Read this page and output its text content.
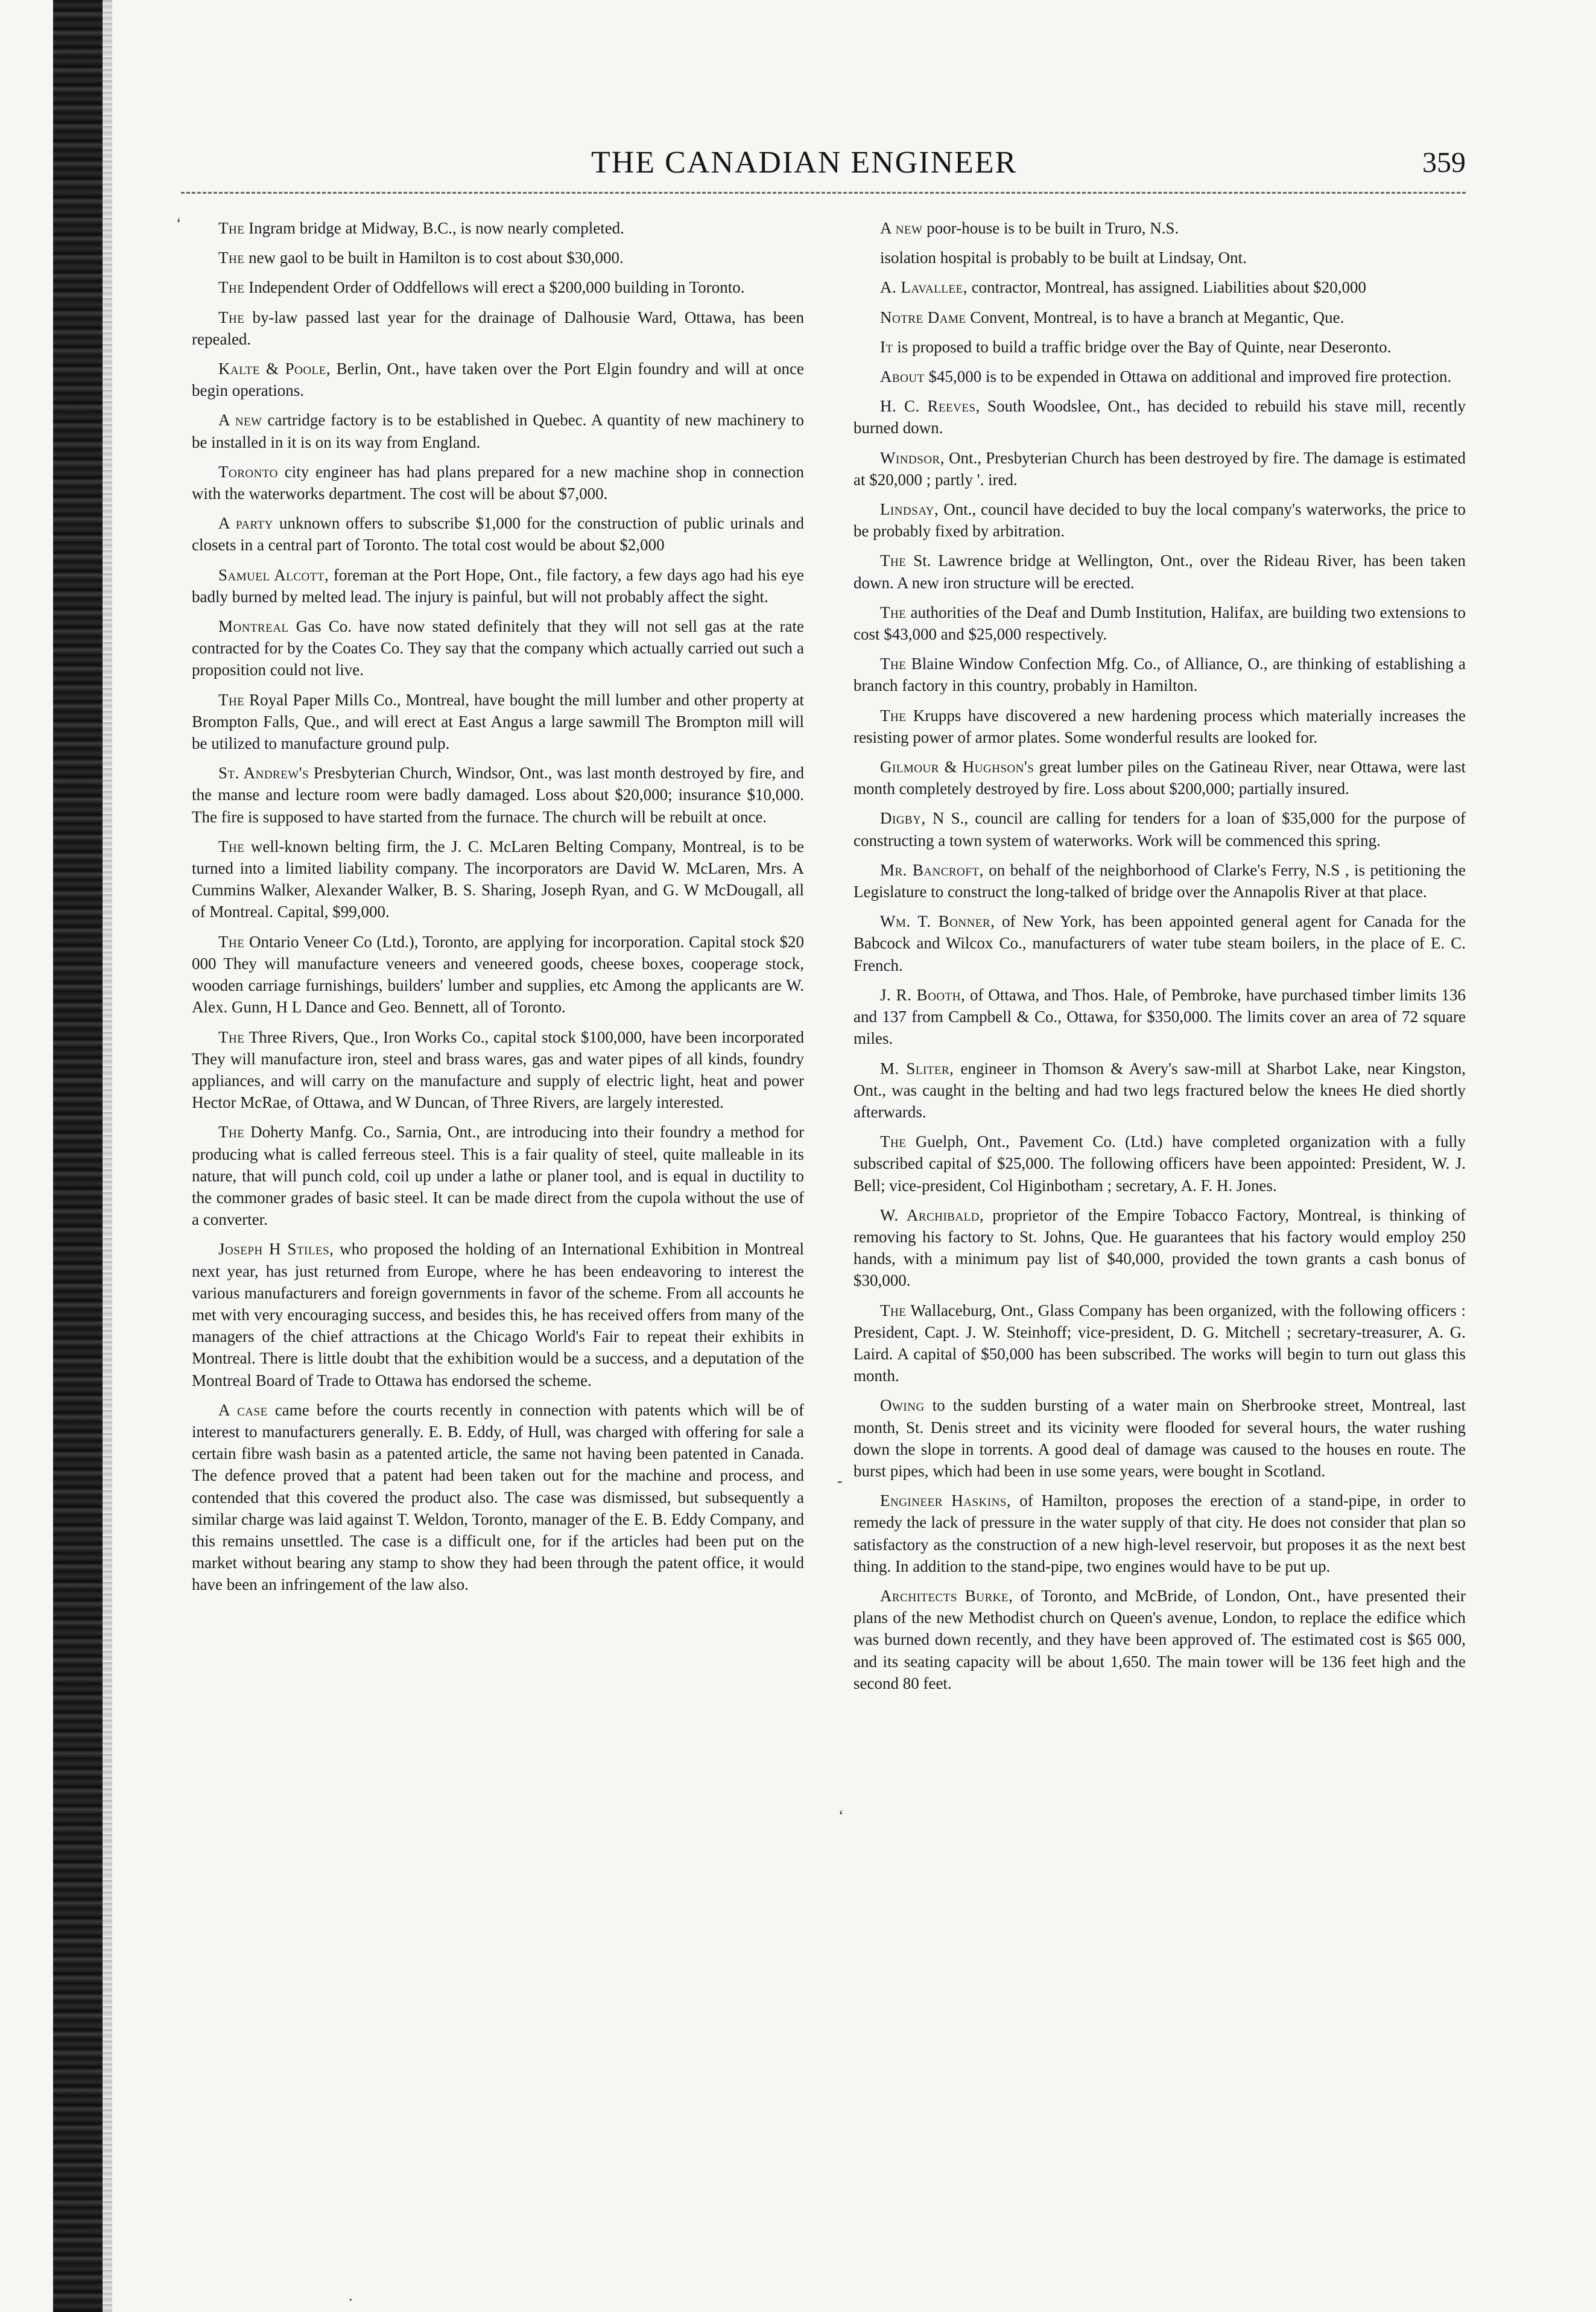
THE CANADIAN ENGINEER	359

The Ingram bridge at Midway, B.C., is now nearly completed.

The new gaol to be built in Hamilton is to cost about $30,000.

The Independent Order of Oddfellows will erect a $200,000 building in Toronto.

The by-law passed last year for the drainage of Dalhousie Ward, Ottawa, has been repealed.

Kalte & Poole, Berlin, Ont., have taken over the Port Elgin foundry and will at once begin operations.

A new cartridge factory is to be established in Quebec. A quantity of new machinery to be installed in it is on its way from England.

Toronto city engineer has had plans prepared for a new machine shop in connection with the waterworks department. The cost will be about $7,000.

A party unknown offers to subscribe $1,000 for the construction of public urinals and closets in a central part of Toronto. The total cost would be about $2,000

Samuel Alcott, foreman at the Port Hope, Ont., file factory, a few days ago had his eye badly burned by melted lead. The injury is painful, but will not probably affect the sight.

Montreal Gas Co. have now stated definitely that they will not sell gas at the rate contracted for by the Coates Co. They say that the company which actually carried out such a proposition could not live.

The Royal Paper Mills Co., Montreal, have bought the mill lumber and other property at Brompton Falls, Que., and will erect at East Angus a large sawmill The Brompton mill will be utilized to manufacture ground pulp.

St. Andrew's Presbyterian Church, Windsor, Ont., was last month destroyed by fire, and the manse and lecture room were badly damaged. Loss about $20,000; insurance $10,000. The fire is supposed to have started from the furnace. The church will be rebuilt at once.

The well-known belting firm, the J. C. McLaren Belting Company, Montreal, is to be turned into a limited liability company. The incorporators are David W. McLaren, Mrs. A Cummins Walker, Alexander Walker, B. S. Sharing, Joseph Ryan, and G. W McDougall, all of Montreal. Capital, $99,000.

The Ontario Veneer Co (Ltd.), Toronto, are applying for incorporation. Capital stock $20 000 They will manufacture veneers and veneered goods, cheese boxes, cooperage stock, wooden carriage furnishings, builders' lumber and supplies, etc Among the applicants are W. Alex. Gunn, H L Dance and Geo. Bennett, all of Toronto.

The Three Rivers, Que., Iron Works Co., capital stock $100,000, have been incorporated They will manufacture iron, steel and brass wares, gas and water pipes of all kinds, foundry appliances, and will carry on the manufacture and supply of electric light, heat and power Hector McRae, of Ottawa, and W Duncan, of Three Rivers, are largely interested.

The Doherty Manfg. Co., Sarnia, Ont., are introducing into their foundry a method for producing what is called ferreous steel. This is a fair quality of steel, quite malleable in its nature, that will punch cold, coil up under a lathe or planer tool, and is equal in ductility to the commoner grades of basic steel. It can be made direct from the cupola without the use of a converter.

Joseph H Stiles, who proposed the holding of an International Exhibition in Montreal next year, has just returned from Europe, where he has been endeavoring to interest the various manufacturers and foreign governments in favor of the scheme. From all accounts he met with very encouraging success, and besides this, he has received offers from many of the managers of the chief attractions at the Chicago World's Fair to repeat their exhibits in Montreal. There is little doubt that the exhibition would be a success, and a deputation of the Montreal Board of Trade to Ottawa has endorsed the scheme.

A case came before the courts recently in connection with patents which will be of interest to manufacturers generally. E. B. Eddy, of Hull, was charged with offering for sale a certain fibre wash basin as a patented article, the same not having been patented in Canada. The defence proved that a patent had been taken out for the machine and process, and contended that this covered the product also. The case was dismissed, but subsequently a similar charge was laid against T. Weldon, Toronto, manager of the E. B. Eddy Company, and this remains unsettled. The case is a difficult one, for if the articles had been put on the market without bearing any stamp to show they had been through the patent office, it would have been an infringement of the law also.

A new poor-house is to be built in Truro, N.S.

isolation hospital is probably to be built at Lindsay, Ont.

A. Lavallee, contractor, Montreal, has assigned. Liabilities about $20,000

Notre Dame Convent, Montreal, is to have a branch at Megantic, Que.

It is proposed to build a traffic bridge over the Bay of Quinte, near Deseronto.

About $45,000 is to be expended in Ottawa on additional and improved fire protection.

H. C. Reeves, South Woodslee, Ont., has decided to rebuild his stave mill, recently burned down.

Windsor, Ont., Presbyterian Church has been destroyed by fire. The damage is estimated at $20,000 ; partly '. ired.

Lindsay, Ont., council have decided to buy the local company's waterworks, the price to be probably fixed by arbitration.

The St. Lawrence bridge at Wellington, Ont., over the Rideau River, has been taken down. A new iron structure will be erected.

The authorities of the Deaf and Dumb Institution, Halifax, are building two extensions to cost $43,000 and $25,000 respectively.

The Blaine Window Confection Mfg. Co., of Alliance, O., are thinking of establishing a branch factory in this country, probably in Hamilton.

The Krupps have discovered a new hardening process which materially increases the resisting power of armor plates. Some wonderful results are looked for.

Gilmour & Hughson's great lumber piles on the Gatineau River, near Ottawa, were last month completely destroyed by fire. Loss about $200,000; partially insured.

Digby, N S., council are calling for tenders for a loan of $35,000 for the purpose of constructing a town system of waterworks. Work will be commenced this spring.

Mr. Bancroft, on behalf of the neighborhood of Clarke's Ferry, N.S , is petitioning the Legislature to construct the long-talked of bridge over the Annapolis River at that place.

Wm. T. Bonner, of New York, has been appointed general agent for Canada for the Babcock and Wilcox Co., manufacturers of water tube steam boilers, in the place of E. C. French.

J. R. Booth, of Ottawa, and Thos. Hale, of Pembroke, have purchased timber limits 136 and 137 from Campbell & Co., Ottawa, for $350,000. The limits cover an area of 72 square miles.

M. Sliter, engineer in Thomson & Avery's saw-mill at Sharbot Lake, near Kingston, Ont., was caught in the belting and had two legs fractured below the knees He died shortly afterwards.

The Guelph, Ont., Pavement Co. (Ltd.) have completed organization with a fully subscribed capital of $25,000. The following officers have been appointed: President, W. J. Bell; vice-president, Col Higinbotham ; secretary, A. F. H. Jones.

W. Archibald, proprietor of the Empire Tobacco Factory, Montreal, is thinking of removing his factory to St. Johns, Que. He guarantees that his factory would employ 250 hands, with a minimum pay list of $40,000, provided the town grants a cash bonus of $30,000.

The Wallaceburg, Ont., Glass Company has been organized, with the following officers : President, Capt. J. W. Steinhoff; vice-president, D. G. Mitchell ; secretary-treasurer, A. G. Laird. A capital of $50,000 has been subscribed. The works will begin to turn out glass this month.

Owing to the sudden bursting of a water main on Sherbrooke street, Montreal, last month, St. Denis street and its vicinity were flooded for several hours, the water rushing down the slope in torrents. A good deal of damage was caused to the houses en route. The burst pipes, which had been in use some years, were bought in Scotland.

Engineer Haskins, of Hamilton, proposes the erection of a stand-pipe, in order to remedy the lack of pressure in the water supply of that city. He does not consider that plan so satisfactory as the construction of a new high-level reservoir, but proposes it as the next best thing. In addition to the stand-pipe, two engines would have to be put up.

Architects Burke, of Toronto, and McBride, of London, Ont., have presented their plans of the new Methodist church on Queen's avenue, London, to replace the edifice which was burned down recently, and they have been approved of. The estimated cost is $65 000, and its seating capacity will be about 1,650. The main tower will be 136 feet high and the second 80 feet.

‘
-
‘
.
